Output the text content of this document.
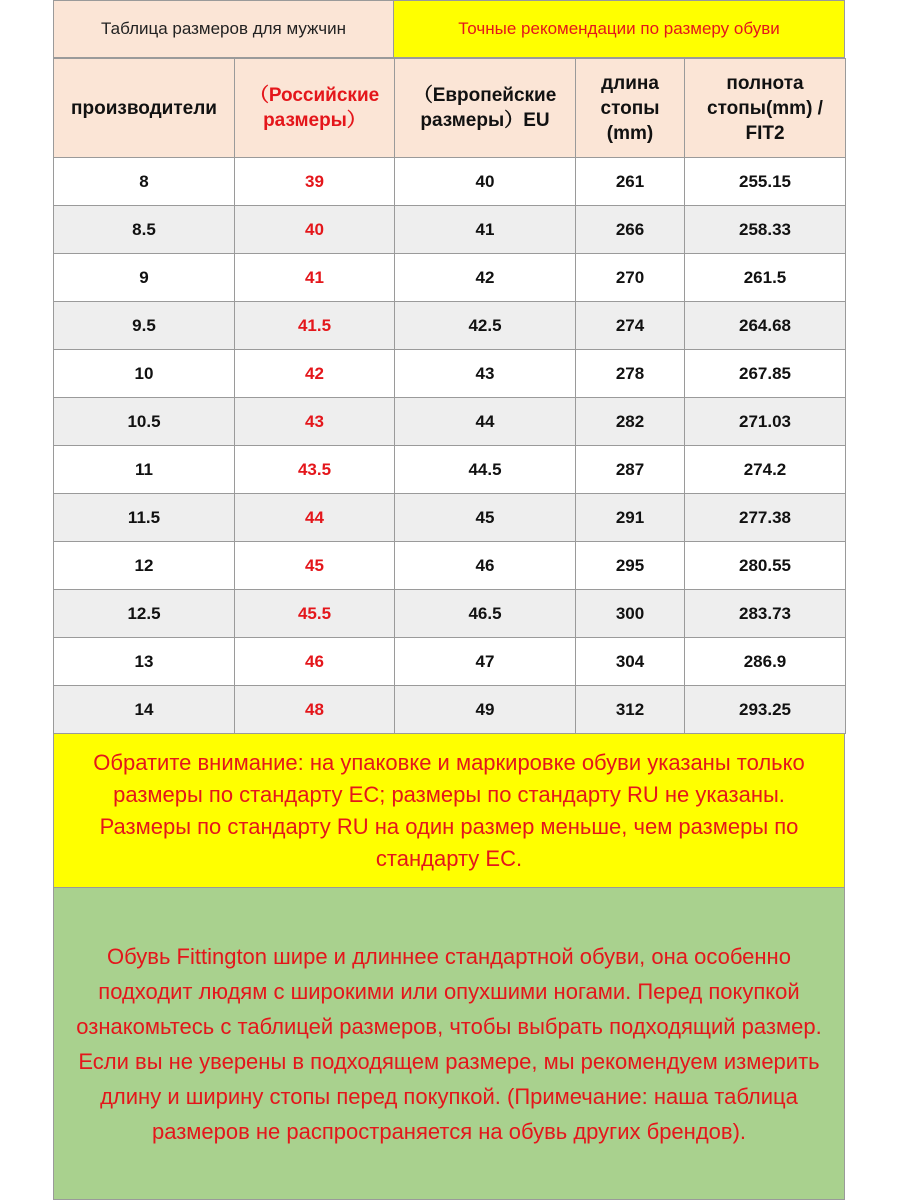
Таблица размеров для мужчин	Точные рекомендации по размеру обуви
производители	（Российские размеры）	（Европейские размеры）EU	длина стопы (mm)	полнота стопы(mm) / FIT2
8	39	40	261	255.15
8.5	40	41	266	258.33
9	41	42	270	261.5
9.5	41.5	42.5	274	264.68
10	42	43	278	267.85
10.5	43	44	282	271.03
11	43.5	44.5	287	274.2
11.5	44	45	291	277.38
12	45	46	295	280.55
12.5	45.5	46.5	300	283.73
13	46	47	304	286.9
14	48	49	312	293.25
Обратите внимание: на упаковке и маркировке обуви указаны только размеры по стандарту EC; размеры по стандарту RU не указаны. Размеры по стандарту RU на один размер меньше, чем размеры по стандарту EC.
Обувь Fittington шире и длиннее стандартной обуви, она особенно подходит людям с широкими или опухшими ногами. Перед покупкой ознакомьтесь с таблицей размеров, чтобы выбрать подходящий размер. Если вы не уверены в подходящем размере, мы рекомендуем измерить длину и ширину стопы перед покупкой. (Примечание: наша таблица размеров не распространяется на обувь других брендов).
